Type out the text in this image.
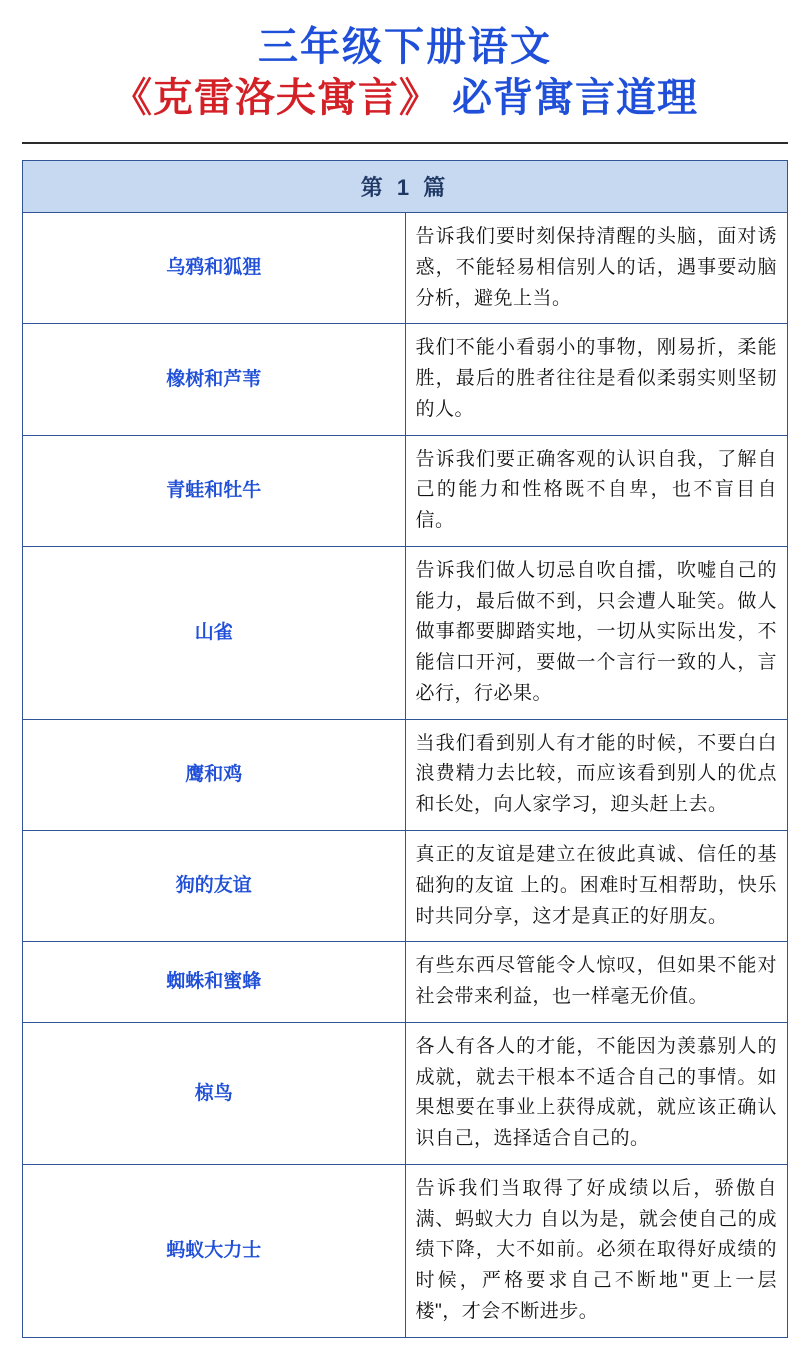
三年级下册语文
《克雷洛夫寓言》 必背寓言道理
第 1 篇	
乌鸦和狐狸	告诉我们要时刻保持清醒的头脑，面对诱惑，不能轻易相信别人的话，遇事要动脑分析，避免上当。
橡树和芦苇	我们不能小看弱小的事物，刚易折，柔能胜，最后的胜者往往是看似柔弱实则坚韧的人。
青蛙和牡牛	告诉我们要正确客观的认识自我，了解自己的能力和性格既不自卑，也不盲目自信。
山雀	告诉我们做人切忌自吹自擂，吹嘘自己的能力，最后做不到，只会遭人耻笑。做人做事都要脚踏实地，一切从实际出发，不能信口开河，要做一个言行一致的人，言必行，行必果。
鹰和鸡	当我们看到别人有才能的时候，不要白白浪费精力去比较，而应该看到别人的优点和长处，向人家学习，迎头赶上去。
狗的友谊	真正的友谊是建立在彼此真诚、信任的基础狗的友谊 上的。困难时互相帮助，快乐时共同分享，这才是真正的好朋友。
蜘蛛和蜜蜂	有些东西尽管能令人惊叹，但如果不能对社会带来利益，也一样毫无价值。
椋鸟	各人有各人的才能，不能因为羡慕别人的成就，就去干根本不适合自己的事情。如果想要在事业上获得成就，就应该正确认识自己，选择适合自己的。
蚂蚁大力士	告诉我们当取得了好成绩以后，骄傲自满、蚂蚁大力 自以为是，就会使自己的成绩下降，大不如前。必须在取得好成绩的时候，严格要求自己不断地"更上一层楼"，才会不断进步。
